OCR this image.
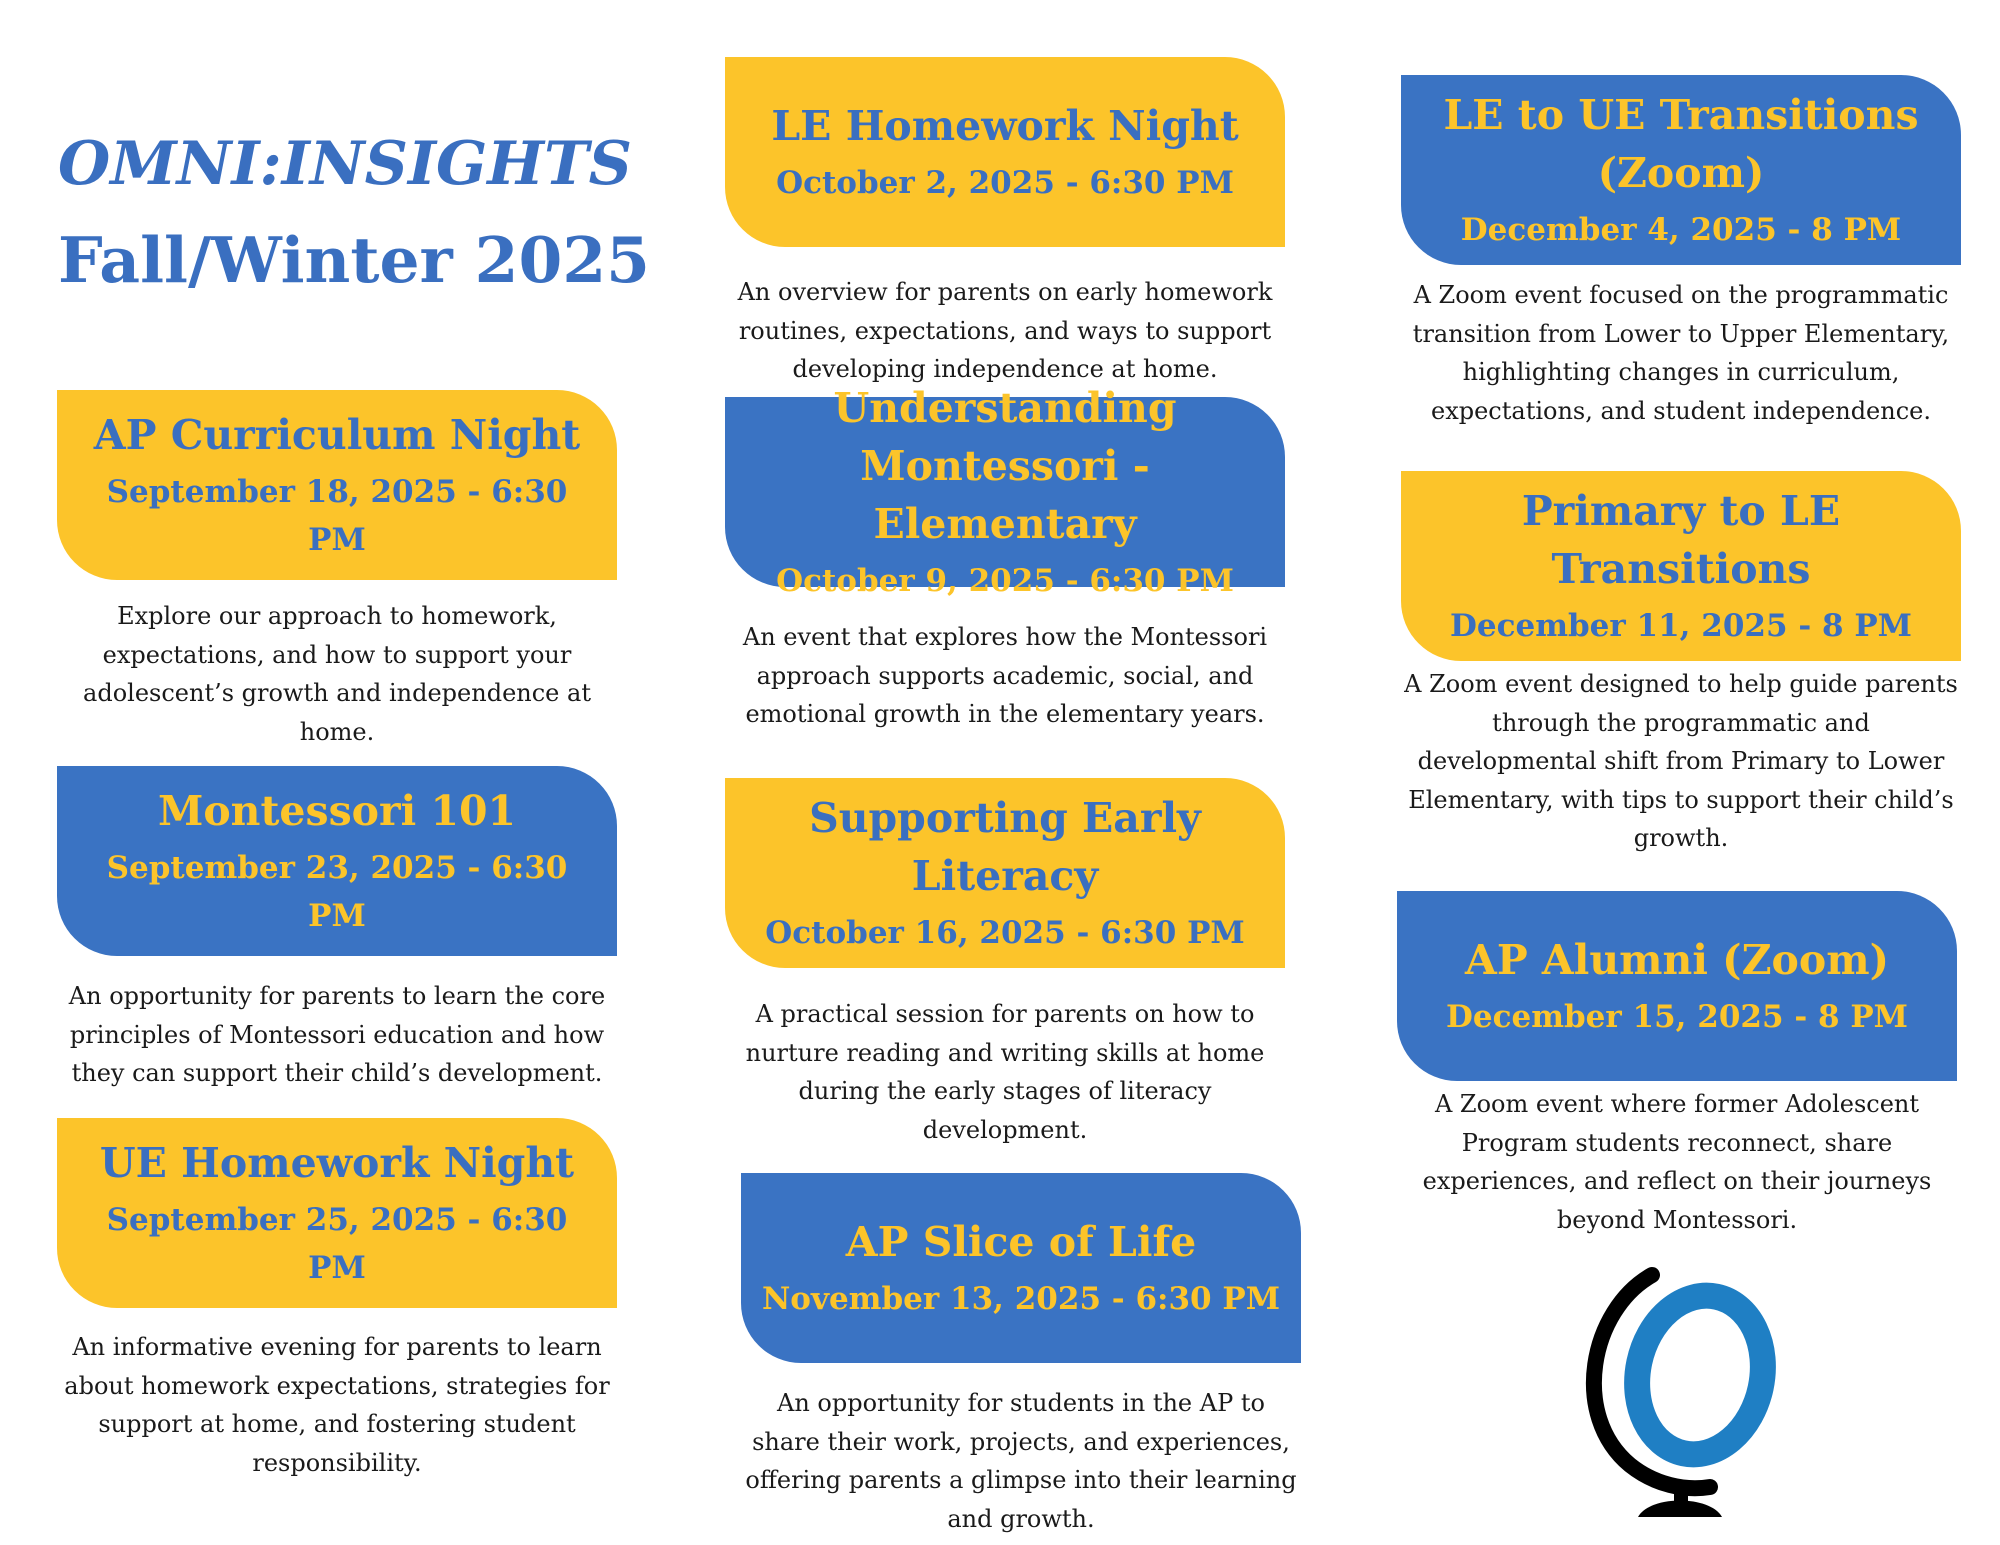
OMNI:INSIGHTS
Fall/Winter 2025
AP Curriculum Night
September 18, 2025 - 6:30 PM
Explore our approach to homework, expectations, and how to support your adolescent’s growth and independence at home.
Montessori 101
September 23, 2025 - 6:30 PM
An opportunity for parents to learn the core principles of Montessori education and how they can support their child’s development.
UE Homework Night
September 25, 2025 - 6:30 PM
An informative evening for parents to learn about homework expectations, strategies for support at home, and fostering student responsibility.
LE Homework Night
October 2, 2025 - 6:30 PM
An overview for parents on early homework routines, expectations, and ways to support developing independence at home.
Understanding Montessori - Elementary
October 9, 2025 - 6:30 PM
An event that explores how the Montessori approach supports academic, social, and emotional growth in the elementary years.
Supporting Early Literacy
October 16, 2025 - 6:30 PM
A practical session for parents on how to nurture reading and writing skills at home during the early stages of literacy development.
AP Slice of Life
November 13, 2025 - 6:30 PM
An opportunity for students in the AP to share their work, projects, and experiences, offering parents a glimpse into their learning and growth.
LE to UE Transitions (Zoom)
December 4, 2025 - 8 PM
A Zoom event focused on the programmatic transition from Lower to Upper Elementary, highlighting changes in curriculum, expectations, and student independence.
Primary to LE Transitions
December 11, 2025 - 8 PM
A Zoom event designed to help guide parents through the programmatic and developmental shift from Primary to Lower Elementary, with tips to support their child’s growth.
AP Alumni (Zoom)
December 15, 2025 - 8 PM
A Zoom event where former Adolescent Program students reconnect, share experiences, and reflect on their journeys beyond Montessori.
